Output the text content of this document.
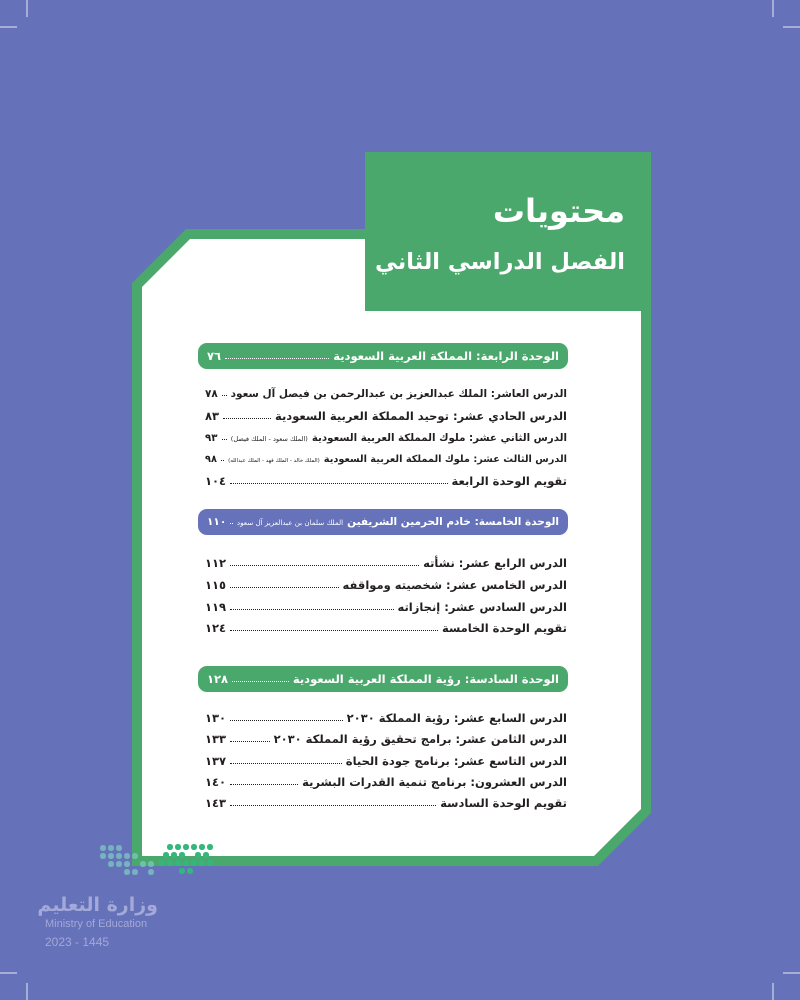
محتويات
الفصل الدراسي الثاني
الوحدة الرابعة: المملكة العربية السعودية
٧٦
الدرس العاشر: الملك عبدالعزيز بن عبدالرحمن بن فيصل آل سعود
٧٨
الدرس الحادي عشر: توحيد المملكة العربية السعودية
٨٣
الدرس الثاني عشر: ملوك المملكة العربية السعودية
(الملك سعود - الملك فيصل)
٩٣
الدرس الثالث عشر: ملوك المملكة العربية السعودية
(الملك خالد - الملك فهد - الملك عبدالله)
٩٨
تقويم الوحدة الرابعة
١٠٤
الوحدة الخامسة: خادم الحرمين الشريفين
الملك سلمان بن عبدالعزيز آل سعود
١١٠
الدرس الرابع عشر: نشأته
١١٢
الدرس الخامس عشر: شخصيته ومواقفه
١١٥
الدرس السادس عشر: إنجازاته
١١٩
تقويم الوحدة الخامسة
١٢٤
الوحدة السادسة: رؤية المملكة العربية السعودية
١٢٨
الدرس السابع عشر: رؤية المملكة ٢٠٣٠
١٣٠
الدرس الثامن عشر: برامج تحقيق رؤية المملكة ٢٠٣٠
١٣٣
الدرس التاسع عشر: برنامج جودة الحياة
١٣٧
الدرس العشرون: برنامج تنمية القدرات البشرية
١٤٠
تقويم الوحدة السادسة
١٤٣
وزارة التعليم
Ministry of Education
2023 - 1445
